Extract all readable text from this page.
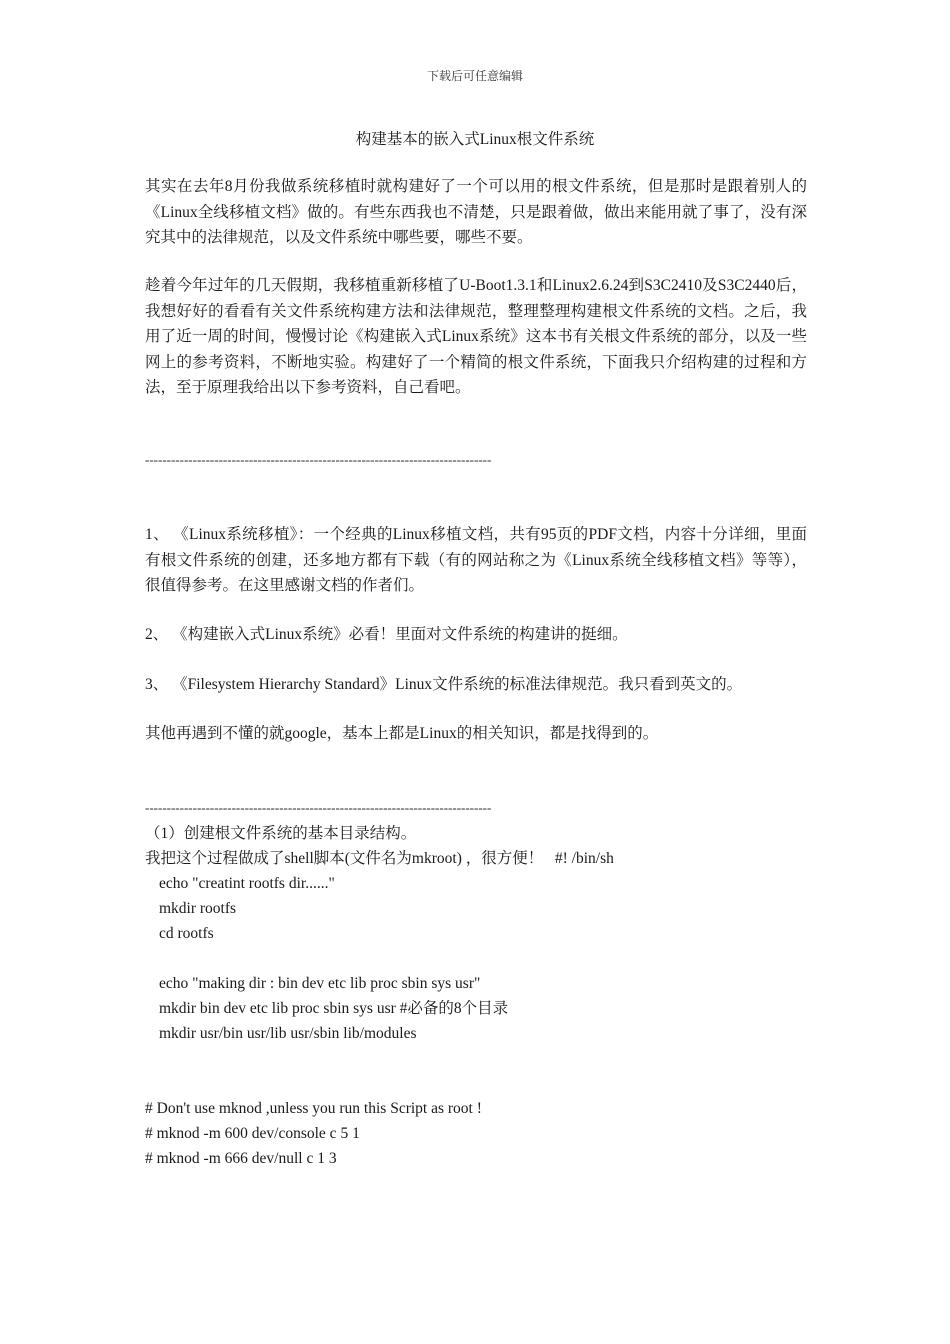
下载后可任意编辑
构建基本的嵌入式Linux根文件系统

其实在去年8月份我做系统移植时就构建好了一个可以用的根文件系统，但是那时是跟着别人的《Linux全线移植文档》做的。有些东西我也不清楚，只是跟着做，做出来能用就了事了，没有深究其中的法律规范，以及文件系统中哪些要，哪些不要。

趁着今年过年的几天假期，我移植重新移植了U-Boot1.3.1和Linux2.6.24到S3C2410及S3C2440后，我想好好的看看有关文件系统构建方法和法律规范，整理整理构建根文件系统的文档。之后，我用了近一周的时间，慢慢讨论《构建嵌入式Linux系统》这本书有关根文件系统的部分，以及一些网上的参考资料，不断地实验。构建好了一个精简的根文件系统，下面我只介绍构建的过程和方法，至于原理我给出以下参考资料，自己看吧。

--------------------------------------------------------------------------------

1、 《Linux系统移植》：一个经典的Linux移植文档，共有95页的PDF文档，内容十分详细，里面有根文件系统的创建，还多地方都有下载（有的网站称之为《Linux系统全线移植文档》等等），很值得参考。在这里感谢文档的作者们。

2、 《构建嵌入式Linux系统》必看！里面对文件系统的构建讲的挺细。

3、 《Filesystem Hierarchy Standard》Linux文件系统的标准法律规范。我只看到英文的。

其他再遇到不懂的就google，基本上都是Linux的相关知识，都是找得到的。

--------------------------------------------------------------------------------

（1）创建根文件系统的基本目录结构。

我把这个过程做成了shell脚本(文件名为mkroot) ，很方便！   #! /bin/sh

echo "creatint rootfs dir......"

mkdir rootfs

cd rootfs

echo "making dir : bin dev etc lib proc sbin sys usr"

mkdir bin dev etc lib proc sbin sys usr #必备的8个目录

mkdir usr/bin usr/lib usr/sbin lib/modules

# Don't use mknod ,unless you run this Script as root !

# mknod -m 600 dev/console c 5 1

# mknod -m 666 dev/null c 1 3
